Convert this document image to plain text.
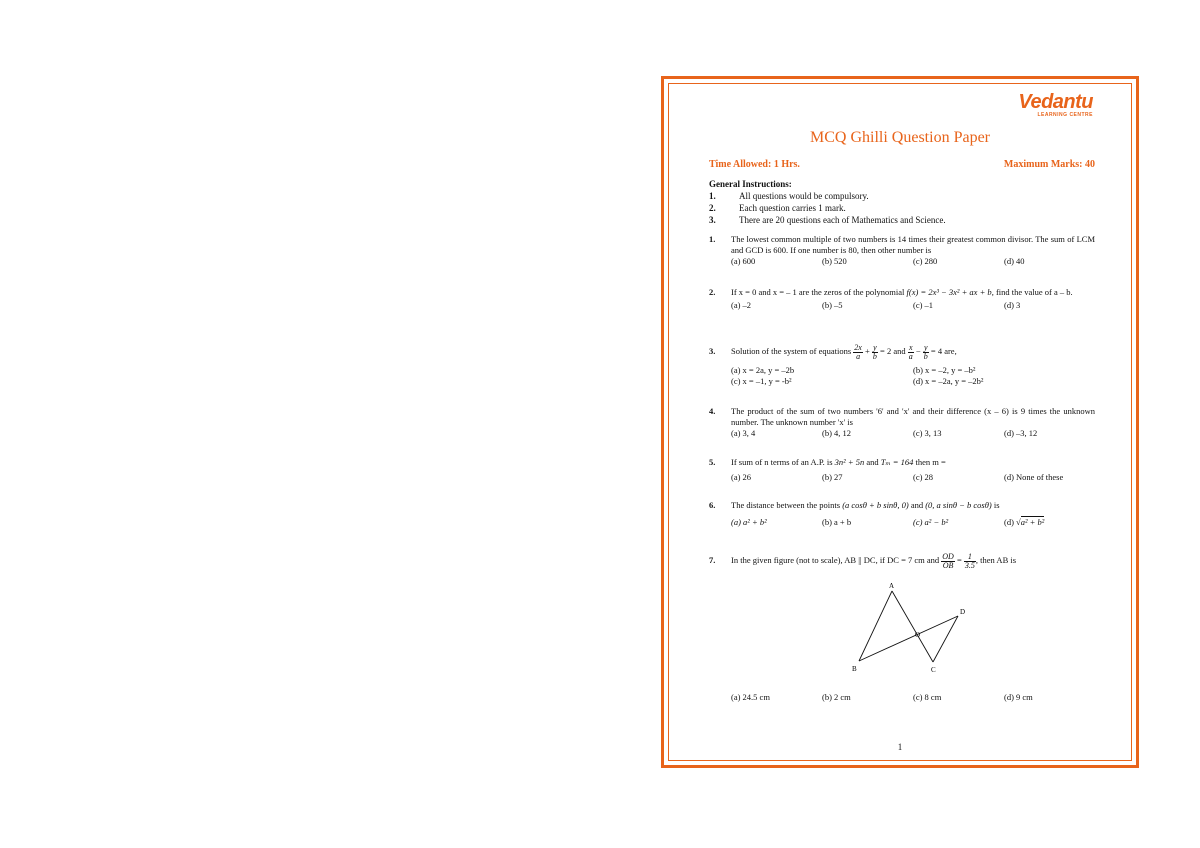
Vedantu
LEARNING CENTRE
MCQ Ghilli Question Paper
Time Allowed: 1 Hrs.	Maximum Marks: 40
General Instructions:
1.	All questions would be compulsory.
2.	Each question carries 1 mark.
3.	There are 20 questions each of Mathematics and Science.
1.	The lowest common multiple of two numbers is 14 times their greatest common divisor. The sum of LCM and GCD is 600. If one number is 80, then other number is
(a) 600	(b) 520	(c) 280	(d) 40
2.	If x = 0 and x = – 1 are the zeros of the polynomial f(x) = 2x³ − 3x² + ax + b, find the value of a – b.
(a) –2	(b) –5	(c) –1	(d) 3
3.	Solution of the system of equations $\frac{2x}{a} + \frac{y}{b} = 2$ and $\frac{x}{a} - \frac{y}{b} = 4$ are,
(a) x = 2a, y = –2b	(b) x = –2, y = –b²
(c) x = –1, y = -b²	(d) x = –2a, y = –2b²
4.	The product of the sum of two numbers '6' and 'x' and their difference (x – 6) is 9 times the unknown number. The unknown number 'x' is
(a) 3, 4	(b) 4, 12	(c) 3, 13	(d) –3, 12
5.	If sum of n terms of an A.P. is 3n² + 5n and Tₘ = 164 then m =
(a) 26	(b) 27	(c) 28	(d) None of these
6.	The distance between the points (a cosθ + b sinθ, 0) and (0, a sinθ − b cosθ) is
(a) a² + b²	(b) a + b	(c) a² − b²	(d) √a² + b²
7.	In the given figure (not to scale), AB || DC, if DC = 7 cm and $\frac{OD}{OB} = \frac{1}{3.5}$ , then AB is
A
B	C
D
O
(a) 24.5 cm	(b) 2 cm	(c) 8 cm	(d) 9 cm
1
